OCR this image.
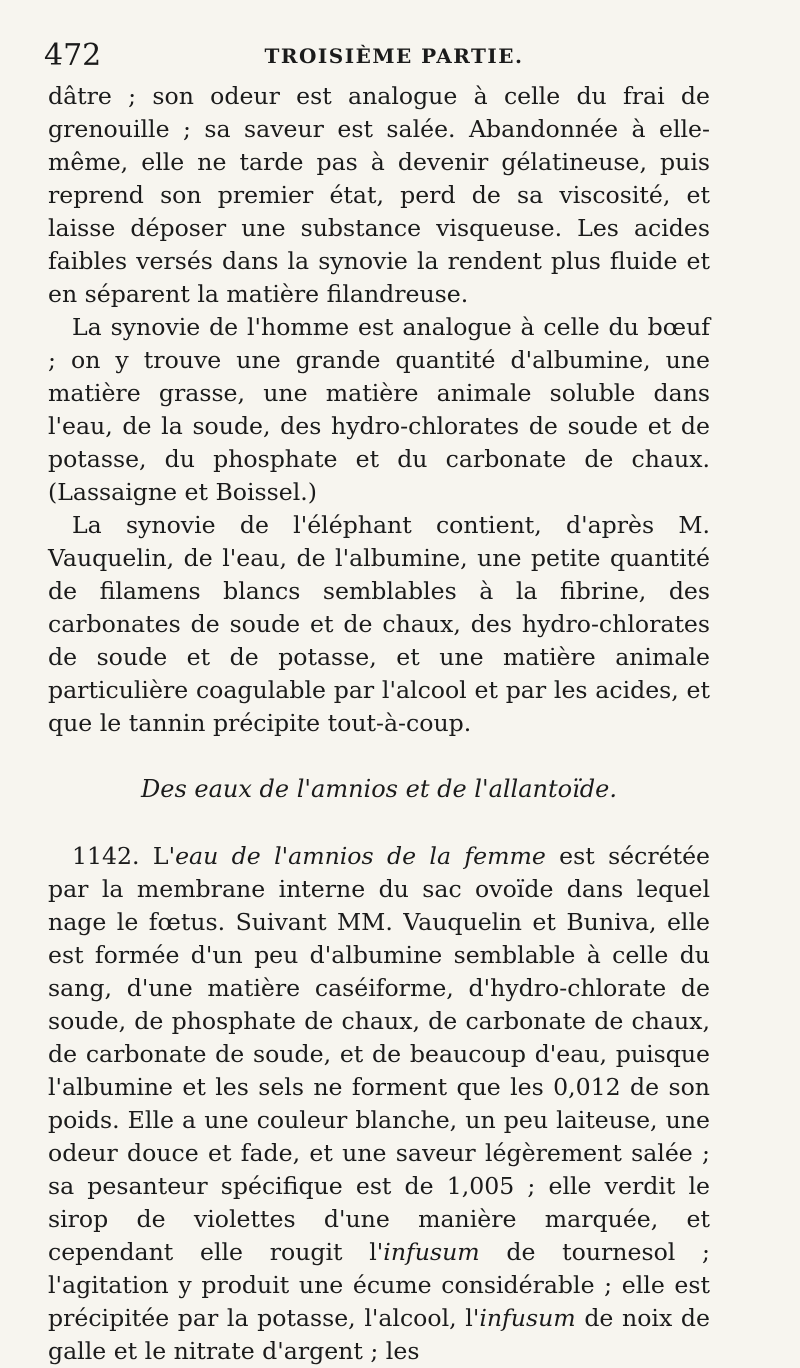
472	TROISIÈME PARTIE.

dâtre ; son odeur est analogue à celle du frai de grenouille ; sa saveur est salée. Abandonnée à elle-même, elle ne tarde pas à devenir gélatineuse, puis reprend son premier état, perd de sa viscosité, et laisse déposer une substance visqueuse. Les acides faibles versés dans la synovie la rendent plus fluide et en séparent la matière filandreuse.

La synovie de l'homme est analogue à celle du bœuf ; on y trouve une grande quantité d'albumine, une matière grasse, une matière animale soluble dans l'eau, de la soude, des hydro-chlorates de soude et de potasse, du phosphate et du carbonate de chaux. (Lassaigne et Boissel.)

La synovie de l'éléphant contient, d'après M. Vauquelin, de l'eau, de l'albumine, une petite quantité de filamens blancs semblables à la fibrine, des carbonates de soude et de chaux, des hydro-chlorates de soude et de potasse, et une matière animale particulière coagulable par l'alcool et par les acides, et que le tannin précipite tout-à-coup.

Des eaux de l'amnios et de l'allantoïde.

1142. L'eau de l'amnios de la femme est sécrétée par la membrane interne du sac ovoïde dans lequel nage le fœtus. Suivant MM. Vauquelin et Buniva, elle est formée d'un peu d'albumine semblable à celle du sang, d'une matière caséiforme, d'hydro-chlorate de soude, de phosphate de chaux, de carbonate de chaux, de carbonate de soude, et de beaucoup d'eau, puisque l'albumine et les sels ne forment que les 0,012 de son poids. Elle a une couleur blanche, un peu laiteuse, une odeur douce et fade, et une saveur légèrement salée ; sa pesanteur spécifique est de 1,005 ; elle verdit le sirop de violettes d'une manière marquée, et cependant elle rougit l'infusum de tournesol ; l'agitation y produit une écume considérable ; elle est précipitée par la potasse, l'alcool, l'infusum de noix de galle et le nitrate d'argent ; les
